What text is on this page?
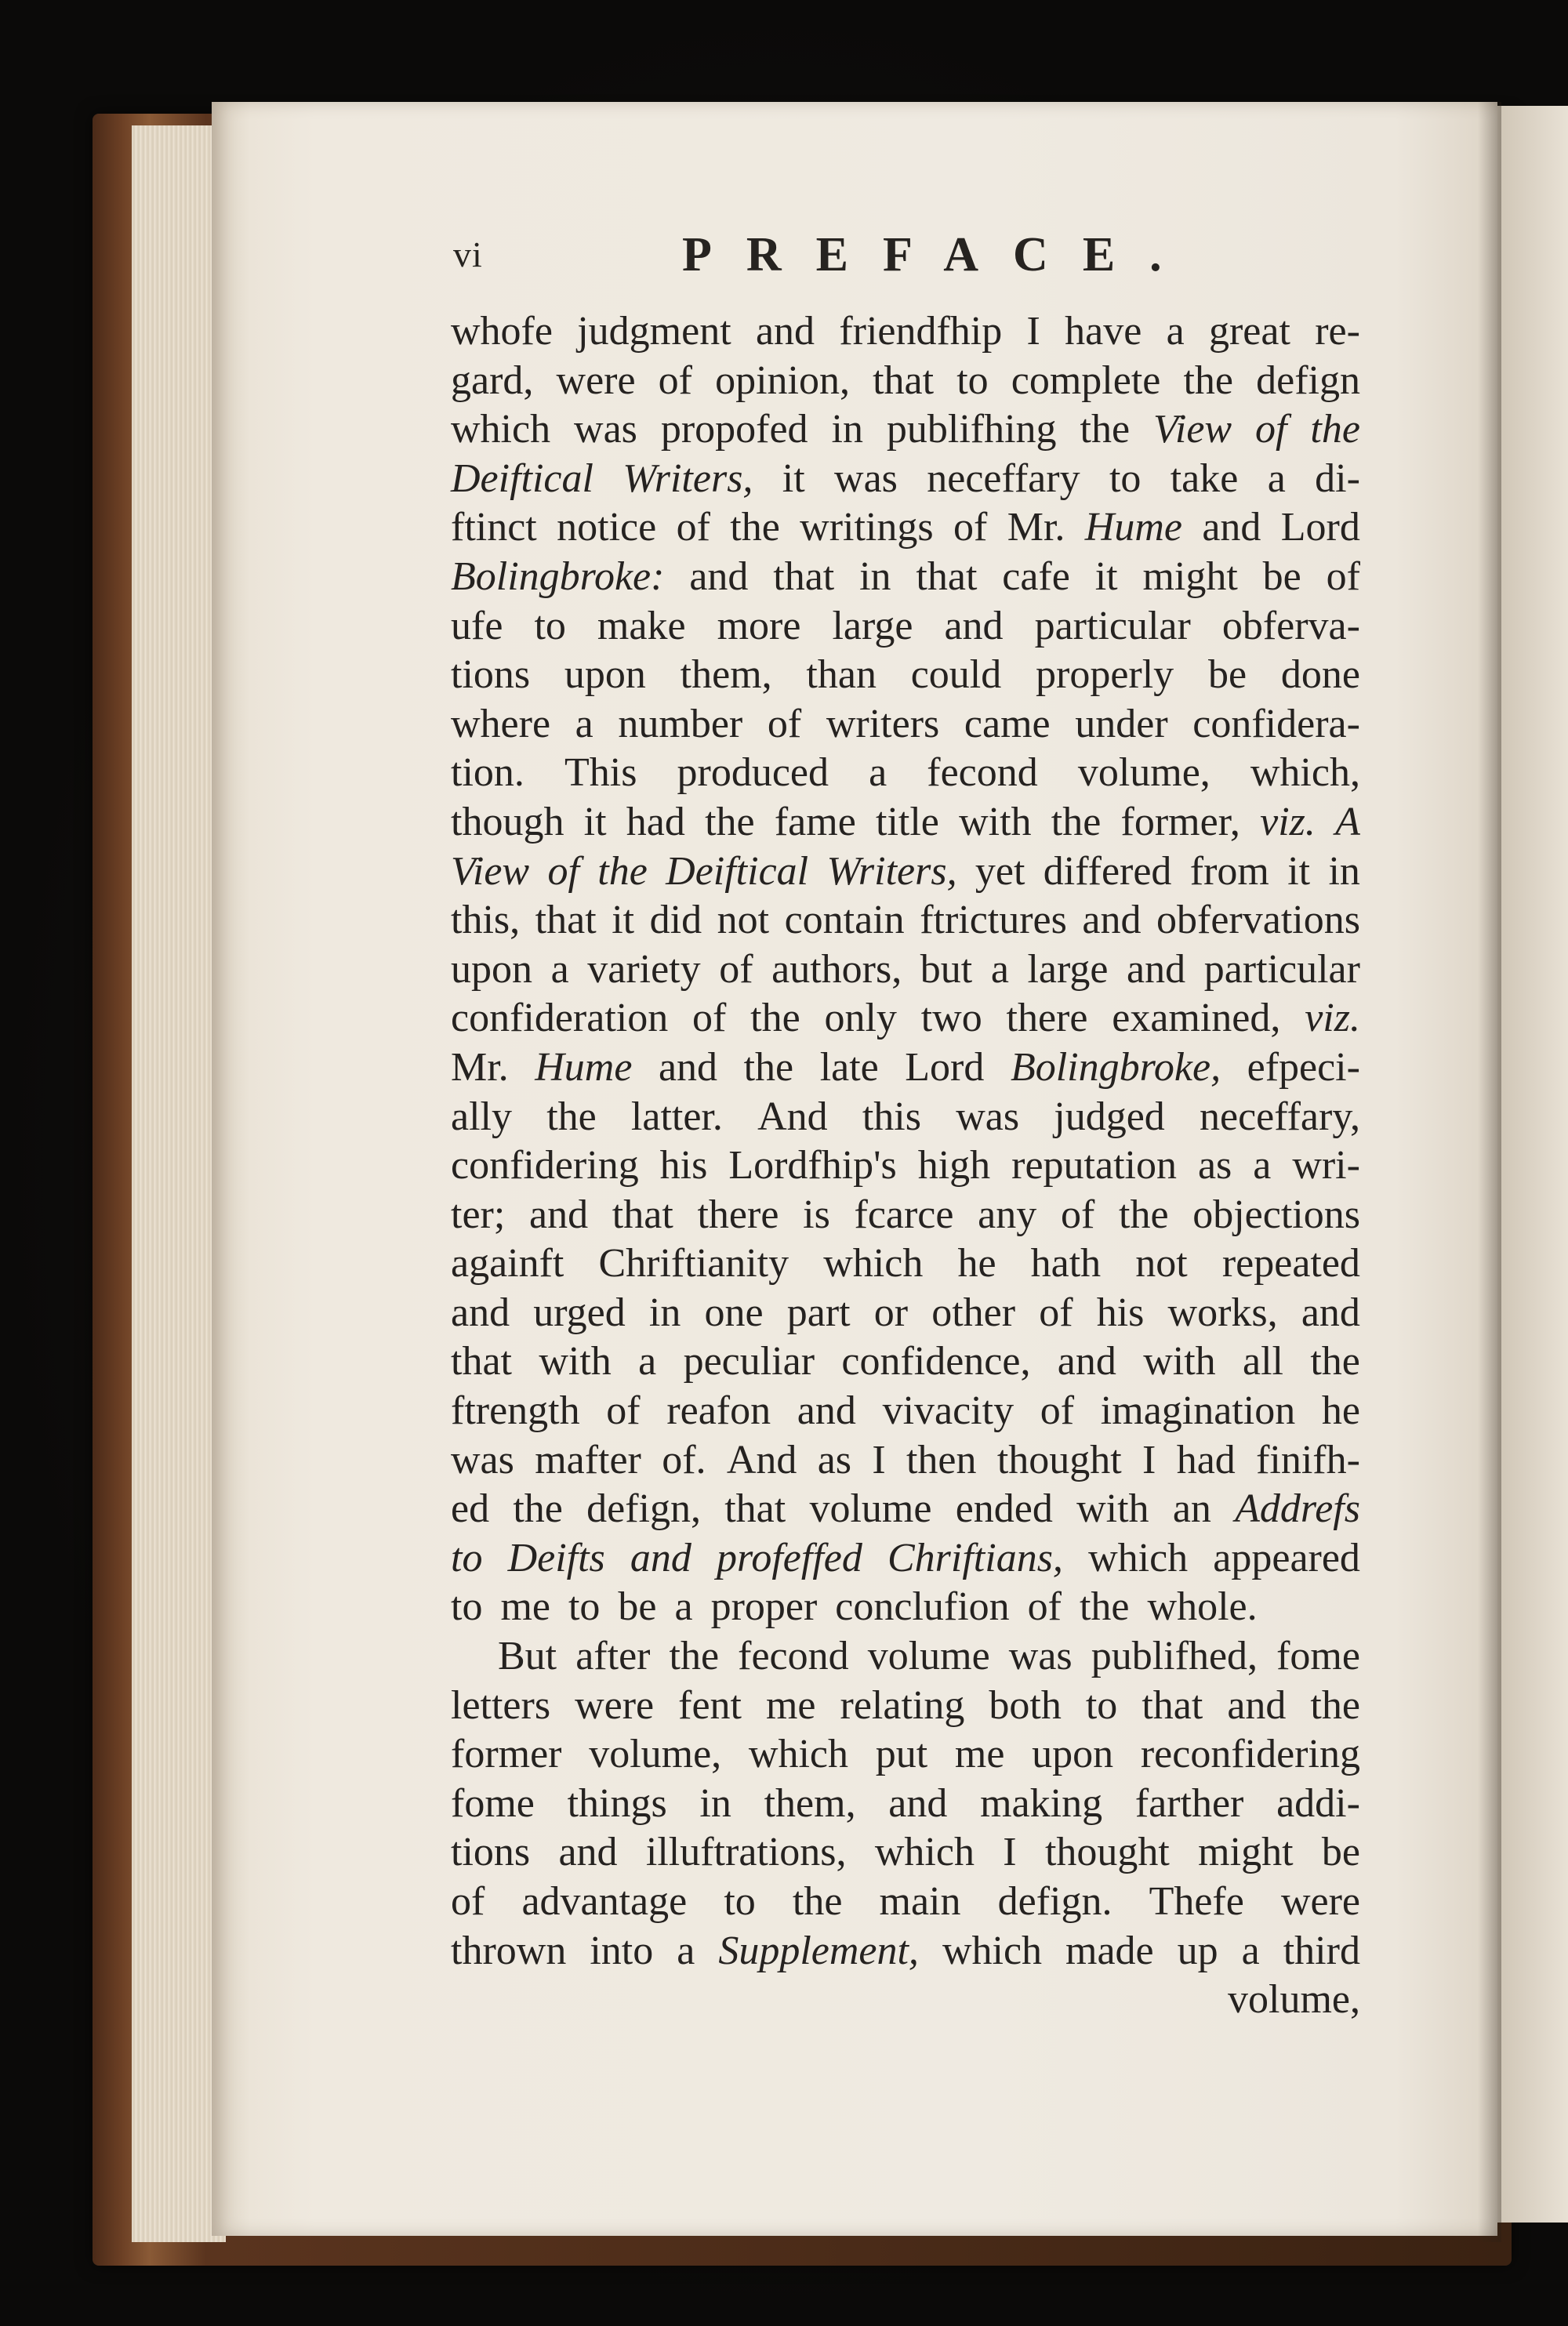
vi	PREFACE.
whofe judgment and friendfhip I have a great re-
gard, were of opinion, that to complete the defign
which was propofed in publifhing the View of the
Deiftical Writers, it was neceffary to take a di-
ftinct notice of the writings of Mr. Hume and Lord
Bolingbroke: and that in that cafe it might be of
ufe to make more large and particular obferva-
tions upon them, than could properly be done
where a number of writers came under confidera-
tion. This produced a fecond volume, which,
though it had the fame title with the former, viz. A
View of the Deiftical Writers, yet differed from it in
this, that it did not contain ftrictures and obfervations
upon a variety of authors, but a large and particular
confideration of the only two there examined, viz.
Mr. Hume and the late Lord Bolingbroke, efpeci-
ally the latter. And this was judged neceffary,
confidering his Lordfhip's high reputation as a wri-
ter; and that there is fcarce any of the objections
againft Chriftianity which he hath not repeated
and urged in one part or other of his works, and
that with a peculiar confidence, and with all the
ftrength of reafon and vivacity of imagination he
was mafter of. And as I then thought I had finifh-
ed the defign, that volume ended with an Addrefs
to Deifts and profeffed Chriftians, which appeared
to me to be a proper conclufion of the whole.
But after the fecond volume was publifhed, fome
letters were fent me relating both to that and the
former volume, which put me upon reconfidering
fome things in them, and making farther addi-
tions and illuftrations, which I thought might be
of advantage to the main defign. Thefe were
thrown into a Supplement, which made up a third
volume,
